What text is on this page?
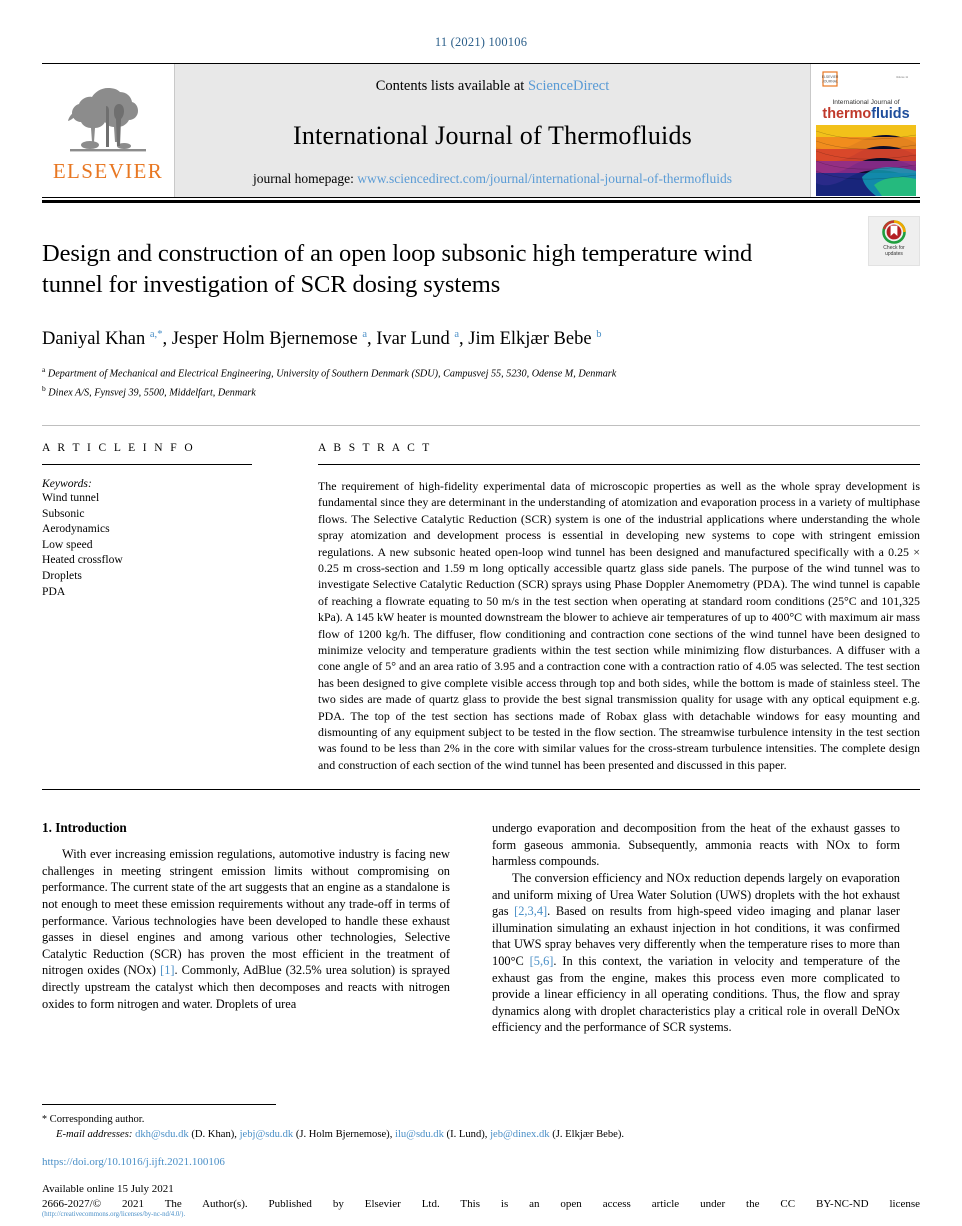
11 (2021) 100106
ELSEVIER
Contents lists available at ScienceDirect
International Journal of Thermofluids
journal homepage: www.sciencedirect.com/journal/international-journal-of-thermofluids
ELSEVIER
JOURNAL
Volume 11
International Journal of
thermofluids
Check for
updates
Design and construction of an open loop subsonic high temperature wind tunnel for investigation of SCR dosing systems
Daniyal Khan $^{a,*}$, Jesper Holm Bjernemose $^a$, Ivar Lund $^a$, Jim Elkjær Bebe $^b$
$^a$ Department of Mechanical and Electrical Engineering, University of Southern Denmark (SDU), Campusvej 55, 5230, Odense M, Denmark
$^b$ Dinex A/S, Fynsvej 39, 5500, Middelfart, Denmark
A R T I C L E I N F O
Keywords:
Wind tunnel
Subsonic
Aerodynamics
Low speed
Heated crossflow
Droplets
PDA
A B S T R A C T
The requirement of high-fidelity experimental data of microscopic properties as well as the whole spray development is fundamental since they are determinant in the understanding of atomization and evaporation process in a variety of multiphase flows. The Selective Catalytic Reduction (SCR) system is one of the industrial applications where understanding the whole spray atomization and development process is essential in developing new systems to cope with stringent emission regulations. A new subsonic heated open-loop wind tunnel has been designed and manufactured specifically with a 0.25 × 0.25 m cross-section and 1.59 m long optically accessible quartz glass side panels. The purpose of the wind tunnel was to investigate Selective Catalytic Reduction (SCR) sprays using Phase Doppler Anemometry (PDA). The wind tunnel is capable of reaching a flowrate equating to 50 m/s in the test section when operating at standard room conditions (25°C and 101,325 kPa). A 145 kW heater is mounted downstream the blower to achieve air temperatures of up to 400°C with maximum air mass flow of 1200 kg/h. The diffuser, flow conditioning and contraction cone sections of the wind tunnel have been designed to minimize velocity and temperature gradients within the test section while minimizing flow disturbances. A diffuser with a cone angle of 5° and an area ratio of 3.95 and a contraction cone with a contraction ratio of 4.05 was selected. The test section has been designed to give complete visible access through top and both sides, while the bottom is made of stainless steel. The two sides are made of quartz glass to provide the best signal transmission quality for usage with any optical equipment e.g. PDA. The top of the test section has sections made of Robax glass with detachable windows for easy mounting and dismounting of any equipment subject to be tested in the flow section. The streamwise turbulence intensity in the test section was found to be less than 2% in the core with similar values for the cross-stream turbulence intensities. The complete design and construction of each section of the wind tunnel has been presented and discussed in this paper.
1. Introduction

With ever increasing emission regulations, automotive industry is facing new challenges in meeting stringent emission limits without compromising on performance. The current state of the art suggests that an engine as a standalone is not enough to meet these emission requirements without any trade-off in terms of performance. Various technologies have been developed to handle these exhaust gasses in diesel engines and among various other technologies, Selective Catalytic Reduction (SCR) has proven the most efficient in the treatment of nitrogen oxides (NOx) [1]. Commonly, AdBlue (32.5% urea solution) is sprayed directly upstream the catalyst which then decomposes and reacts with nitrogen oxides to form nitrogen and water. Droplets of urea

undergo evaporation and decomposition from the heat of the exhaust gasses to form gaseous ammonia. Subsequently, ammonia reacts with NOx to form harmless compounds.

The conversion efficiency and NOx reduction depends largely on evaporation and uniform mixing of Urea Water Solution (UWS) droplets with the hot exhaust gas [2,3,4]. Based on results from high-speed video imaging and planar laser illumination simulating an exhaust injection in hot conditions, it was confirmed that UWS spray behaves very differently when the temperature rises to more than 100°C [5,6]. In this context, the variation in velocity and temperature of the exhaust gas from the engine, makes this process even more complicated to provide a linear efficiency in all operating conditions. Thus, the flow and spray dynamics along with droplet characteristics play a critical role in overall DeNOx efficiency and the performance of SCR systems.

* Corresponding author.
E-mail addresses: dkh@sdu.dk (D. Khan), jebj@sdu.dk (J. Holm Bjernemose), ilu@sdu.dk (I. Lund), jeb@dinex.dk (J. Elkjær Bebe).
https://doi.org/10.1016/j.ijft.2021.100106
Available online 15 July 2021
2666-2027/© 2021 The Author(s). Published by Elsevier Ltd. This is an open access article under the CC BY-NC-ND license
(http://creativecommons.org/licenses/by-nc-nd/4.0/).
